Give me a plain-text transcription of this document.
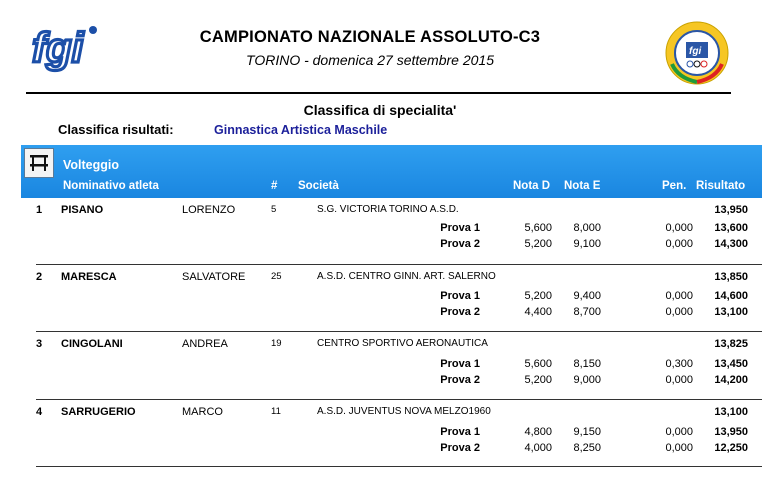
fgi	CAMPIONATO NAZIONALE ASSOLUTO-C3
TORINO - domenica 27 settembre 2015
fgi
Classifica di specialita'
Classifica risultati:	Ginnastica Artistica Maschile
Volteggio
Nominativo atleta	# Società	Nota D Nota E	Pen. Risultato
1 PISANO	LORENZO	5	S.G. VICTORIA TORINO A.S.D.	13,950
Prova 1	5,600	8,000	0,000	13,600
Prova 2	5,200	9,100	0,000	14,300
2 MARESCA	SALVATORE	25	A.S.D. CENTRO GINN. ART. SALERNO	13,850
Prova 1	5,200	9,400	0,000	14,600
Prova 2	4,400	8,700	0,000	13,100
3 CINGOLANI	ANDREA	19	CENTRO SPORTIVO AERONAUTICA	13,825
Prova 1	5,600	8,150	0,300	13,450
Prova 2	5,200	9,000	0,000	14,200
4 SARRUGERIO	MARCO	11	A.S.D. JUVENTUS NOVA MELZO1960	13,100
Prova 1	4,800	9,150	0,000	13,950
Prova 2	4,000	8,250	0,000	12,250
